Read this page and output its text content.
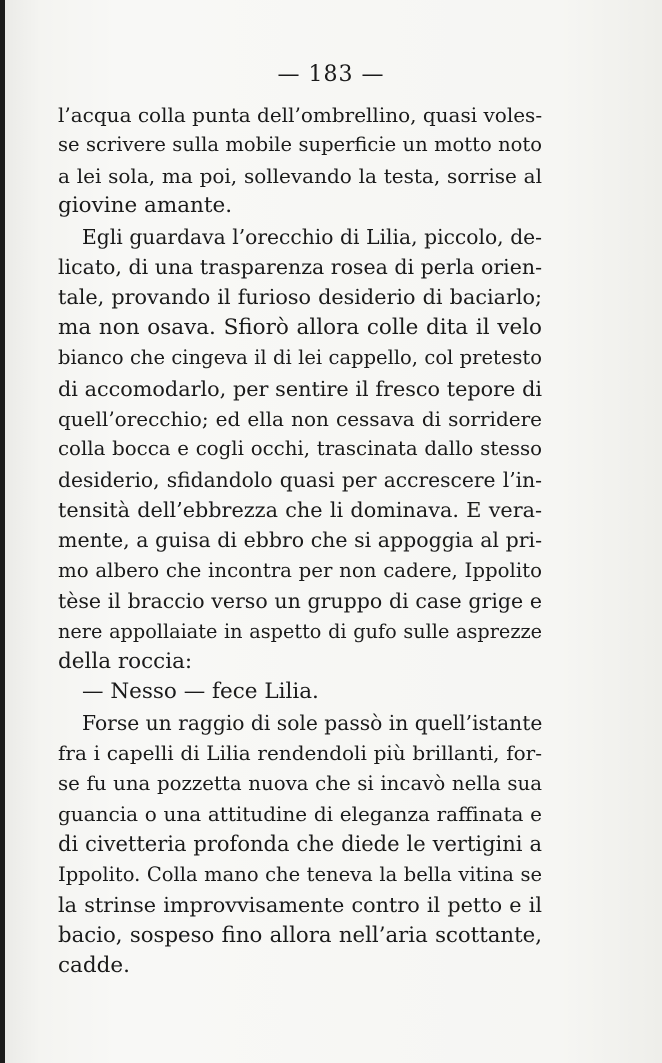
— 183 —
l’acqua colla punta dell’ombrellino, quasi voles-
se scrivere sulla mobile superficie un motto noto
a lei sola, ma poi, sollevando la testa, sorrise al
giovine amante.
Egli guardava l’orecchio di Lilia, piccolo, de-
licato, di una trasparenza rosea di perla orien-
tale, provando il furioso desiderio di baciarlo;
ma non osava. Sfiorò allora colle dita il velo
bianco che cingeva il di lei cappello, col pretesto
di accomodarlo, per sentire il fresco tepore di
quell’orecchio; ed ella non cessava di sorridere
colla bocca e cogli occhi, trascinata dallo stesso
desiderio, sfidandolo quasi per accrescere l’in-
tensità dell’ebbrezza che li dominava. E vera-
mente, a guisa di ebbro che si appoggia al pri-
mo albero che incontra per non cadere, Ippolito
tèse il braccio verso un gruppo di case grige e
nere appollaiate in aspetto di gufo sulle asprezze
della roccia:
— Nesso — fece Lilia.
Forse un raggio di sole passò in quell’istante
fra i capelli di Lilia rendendoli più brillanti, for-
se fu una pozzetta nuova che si incavò nella sua
guancia o una attitudine di eleganza raffinata e
di civetteria profonda che diede le vertigini a
Ippolito. Colla mano che teneva la bella vitina se
la strinse improvvisamente contro il petto e il
bacio, sospeso fino allora nell’aria scottante,
cadde.
